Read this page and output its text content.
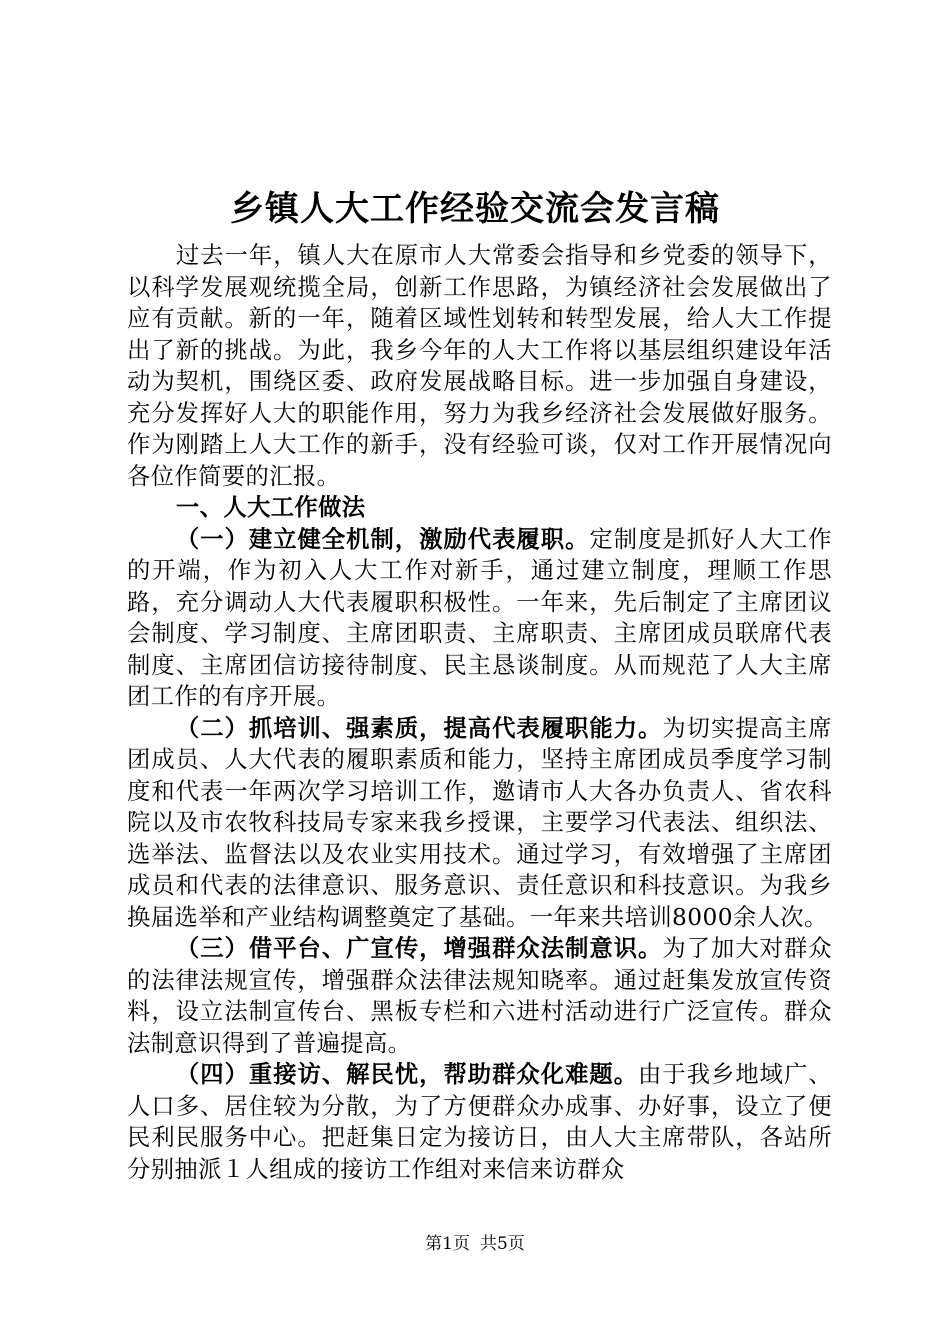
乡镇人大工作经验交流会发言稿

过去一年，镇人大在原市人大常委会指导和乡党委的领导下，以科学发展观统揽全局，创新工作思路，为镇经济社会发展做出了应有贡献。新的一年，随着区域性划转和转型发展，给人大工作提出了新的挑战。为此，我乡今年的人大工作将以基层组织建设年活动为契机，围绕区委、政府发展战略目标。进一步加强自身建设，充分发挥好人大的职能作用，努力为我乡经济社会发展做好服务。作为刚踏上人大工作的新手，没有经验可谈，仅对工作开展情况向各位作简要的汇报。

一、人大工作做法

（一）建立健全机制，激励代表履职。定制度是抓好人大工作的开端，作为初入人大工作对新手，通过建立制度，理顺工作思路，充分调动人大代表履职积极性。一年来，先后制定了主席团议会制度、学习制度、主席团职责、主席职责、主席团成员联席代表制度、主席团信访接待制度、民主恳谈制度。从而规范了人大主席团工作的有序开展。

（二）抓培训、强素质，提高代表履职能力。为切实提高主席团成员、人大代表的履职素质和能力，坚持主席团成员季度学习制度和代表一年两次学习培训工作，邀请市人大各办负责人、省农科院以及市农牧科技局专家来我乡授课，主要学习代表法、组织法、选举法、监督法以及农业实用技术。通过学习，有效增强了主席团成员和代表的法律意识、服务意识、责任意识和科技意识。为我乡换届选举和产业结构调整奠定了基础。一年来共培训8000余人次。

（三）借平台、广宣传，增强群众法制意识。为了加大对群众的法律法规宣传，增强群众法律法规知晓率。通过赶集发放宣传资料，设立法制宣传台、黑板专栏和六进村活动进行广泛宣传。群众法制意识得到了普遍提高。

（四）重接访、解民忧，帮助群众化难题。由于我乡地域广、人口多、居住较为分散，为了方便群众办成事、办好事，设立了便民利民服务中心。把赶集日定为接访日，由人大主席带队，各站所分别抽派１人组成的接访工作组对来信来访群众

第1页 共5页
